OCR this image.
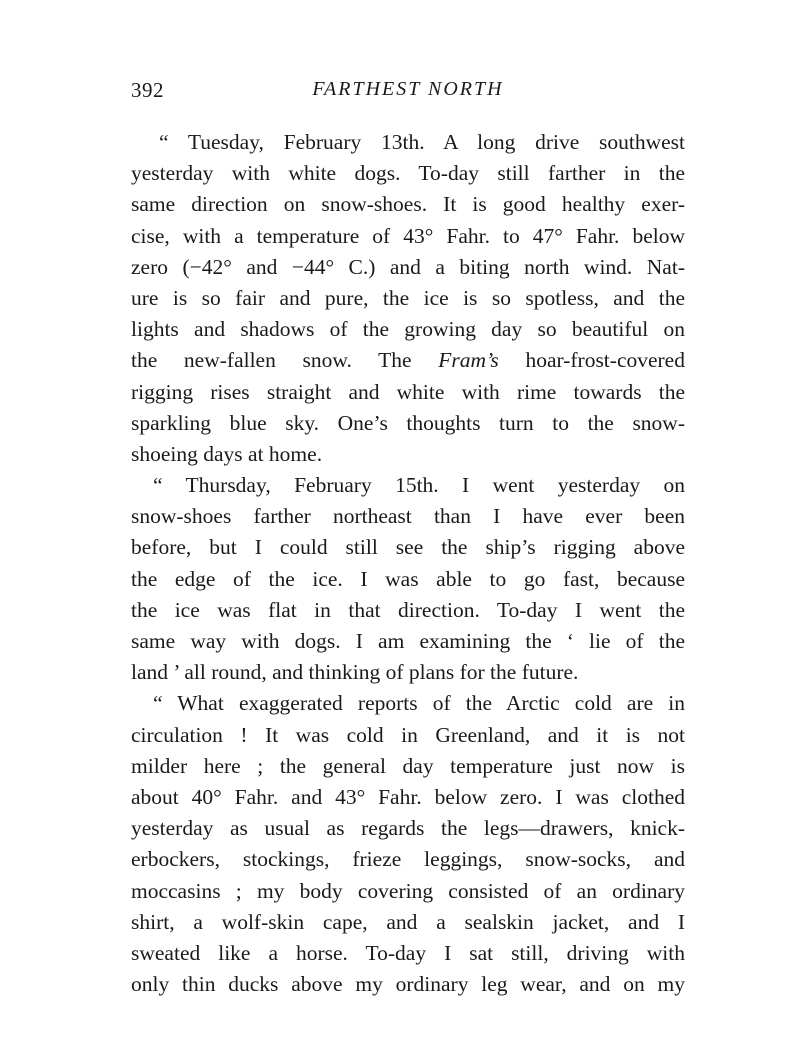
392	FARTHEST NORTH
“ Tuesday, February 13th. A long drive southwest
yesterday with white dogs. To-day still farther in the
same direction on snow-shoes. It is good healthy exer-
cise, with a temperature of 43° Fahr. to 47° Fahr. below
zero (−42° and −44° C.) and a biting north wind. Nat-
ure is so fair and pure, the ice is so spotless, and the
lights and shadows of the growing day so beautiful on
the new-fallen snow. The Fram’s hoar-frost-covered
rigging rises straight and white with rime towards the
sparkling blue sky. One’s thoughts turn to the snow-
shoeing days at home.
“ Thursday, February 15th. I went yesterday on
snow-shoes farther northeast than I have ever been
before, but I could still see the ship’s rigging above
the edge of the ice. I was able to go fast, because
the ice was flat in that direction. To-day I went the
same way with dogs. I am examining the ‘ lie of the
land ’ all round, and thinking of plans for the future.
“ What exaggerated reports of the Arctic cold are in
circulation ! It was cold in Greenland, and it is not
milder here ; the general day temperature just now is
about 40° Fahr. and 43° Fahr. below zero. I was clothed
yesterday as usual as regards the legs—drawers, knick-
erbockers, stockings, frieze leggings, snow-socks, and
moccasins ; my body covering consisted of an ordinary
shirt, a wolf-skin cape, and a sealskin jacket, and I
sweated like a horse. To-day I sat still, driving with
only thin ducks above my ordinary leg wear, and on my
